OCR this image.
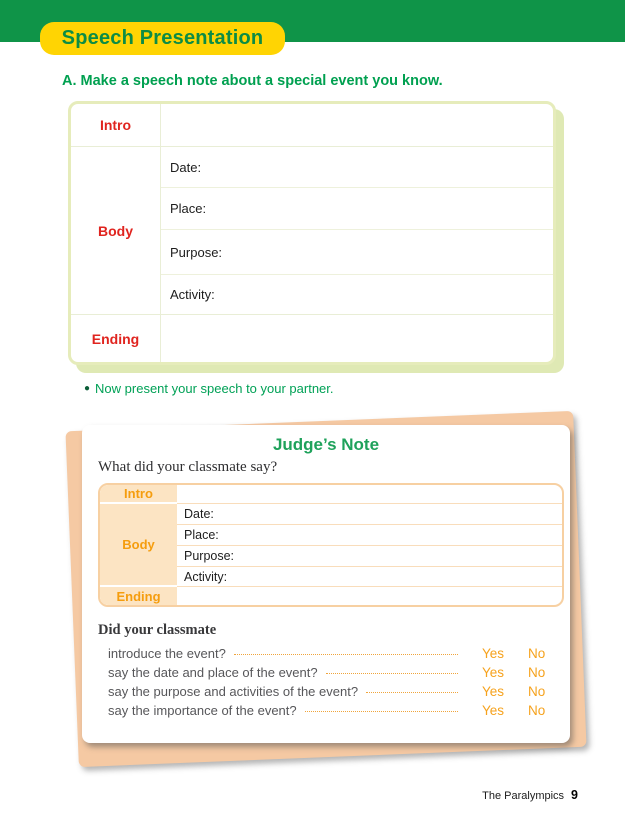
Speech Presentation
A. Make a speech note about a special event you know.
Intro
Body
Date:
Place:
Purpose:
Activity:
Ending
● Now present your speech to your partner.
Judge’s Note
What did your classmate say?
Intro
Body
Date:
Place:
Purpose:
Activity:
Ending
Did your classmate
introduce the event?	Yes	No
say the date and place of the event?	Yes	No
say the purpose and activities of the event?	Yes	No
say the importance of the event?	Yes	No
The Paralympics 9
